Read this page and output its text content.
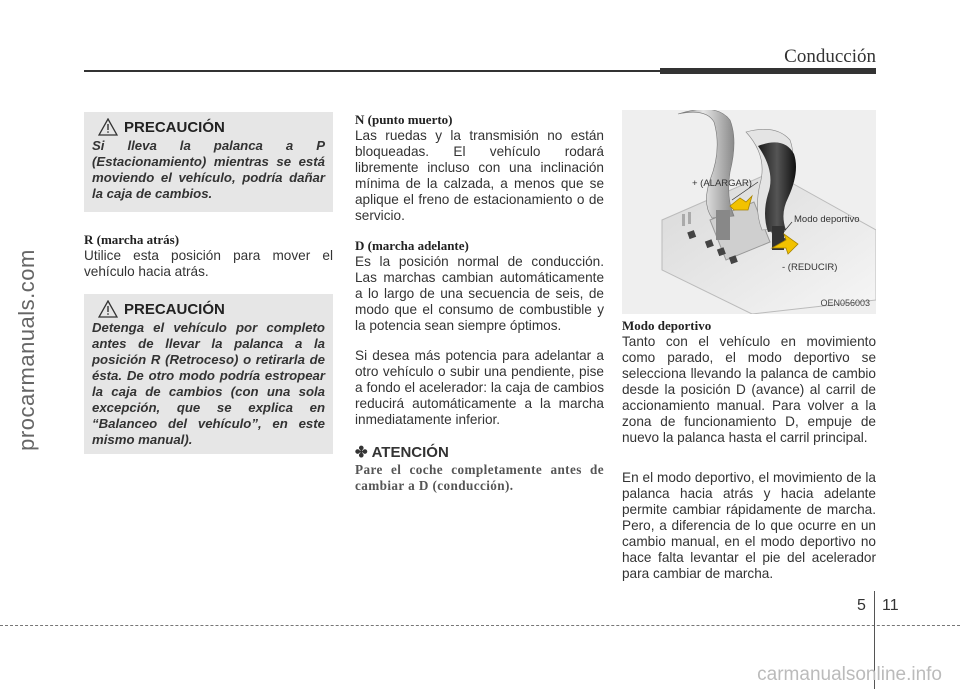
Conducción
procarmanuals.com
PRECAUCIÓN
Si lleva la palanca a P (Estacionamiento) mientras se está moviendo el vehículo, podría dañar la caja de cambios.
R (marcha atrás)
Utilice esta posición para mover el vehículo hacia atrás.
PRECAUCIÓN
Detenga el vehículo por completo antes de llevar la palanca a la posición R (Retroceso) o retirarla de ésta. De otro modo podría estropear la caja de cambios (con una sola excepción, que se explica en “Balanceo del vehículo”, en este mismo manual).
N (punto muerto)
Las ruedas y la transmisión no están bloqueadas. El vehículo rodará libremente incluso con una inclinación mínima de la calzada, a menos que se aplique el freno de estacionamiento o de servicio.
D (marcha adelante)
Es la posición normal de conducción. Las marchas cambian automáticamente a lo largo de una secuencia de seis, de modo que el consumo de combustible y la potencia sean siempre óptimos.
Si desea más potencia para adelantar a otro vehículo o subir una pendiente, pise a fondo el acelerador: la caja de cambios reducirá automáticamente a la marcha inmediatamente inferior.
✤ ATENCIÓN
Pare el coche completamente antes de cambiar a D (conducción).
+ (ALARGAR)
Modo deportivo
- (REDUCIR)
OEN056003
Modo deportivo
Tanto con el vehículo en movimiento como parado, el modo deportivo se selecciona llevando la palanca de cambio desde la posición D (avance) al carril de accionamiento manual. Para volver a la zona de funcionamiento D, empuje de nuevo la palanca hasta el carril principal.
En el modo deportivo, el movimiento de la palanca hacia atrás y hacia adelante permite cambiar rápidamente de marcha. Pero, a diferencia de lo que ocurre en un cambio manual, en el modo deportivo no hace falta levantar el pie del acelerador para cambiar de marcha.
5 11
carmanualsonline.info
